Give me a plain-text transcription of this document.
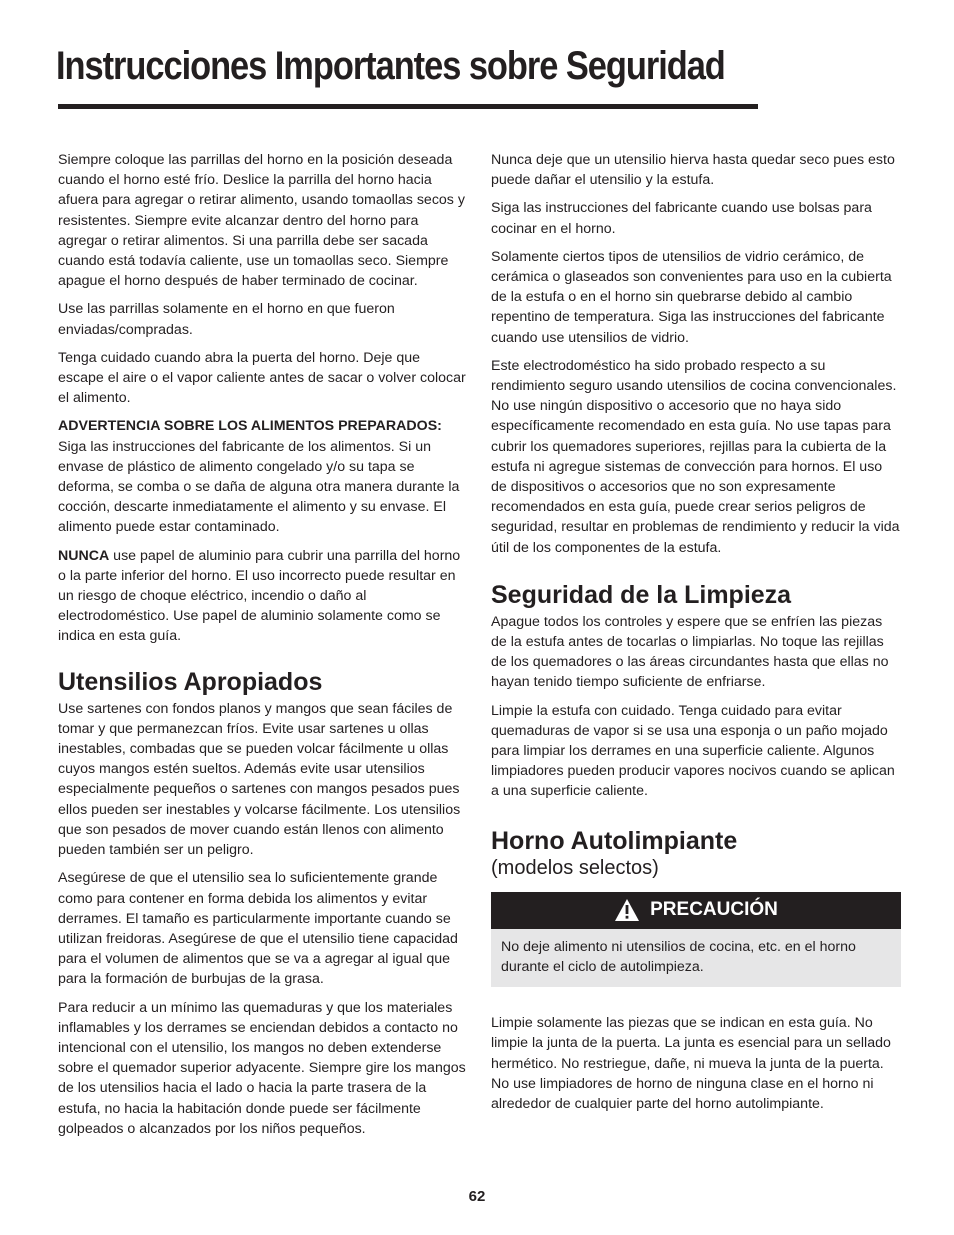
Instrucciones Importantes sobre Seguridad

Siempre coloque las parrillas del horno en la posición deseada cuando el horno esté frío. Deslice la parrilla del horno hacia afuera para agregar o retirar alimento, usando tomaollas secos y resistentes. Siempre evite alcanzar dentro del horno para agregar o retirar alimentos. Si una parrilla debe ser sacada cuando está todavía caliente, use un tomaollas seco. Siempre apague el horno después de haber terminado de cocinar.

Use las parrillas solamente en el horno en que fueron enviadas/compradas.

Tenga cuidado cuando abra la puerta del horno. Deje que escape el aire o el vapor caliente antes de sacar o volver colocar el alimento.

ADVERTENCIA SOBRE LOS ALIMENTOS PREPARADOS:
Siga las instrucciones del fabricante de los alimentos. Si un envase de plástico de alimento congelado y/o su tapa se deforma, se comba o se daña de alguna otra manera durante la cocción, descarte inmediatamente el alimento y su envase. El alimento puede estar contaminado.

NUNCA use papel de aluminio para cubrir una parrilla del horno o la parte inferior del horno. El uso incorrecto puede resultar en un riesgo de choque eléctrico, incendio o daño al electrodoméstico. Use papel de aluminio solamente como se indica en esta guía.

Utensilios Apropiados

Use sartenes con fondos planos y mangos que sean fáciles de tomar y que permanezcan fríos. Evite usar sartenes u ollas inestables, combadas que se pueden volcar fácilmente u ollas cuyos mangos estén sueltos. Además evite usar utensilios especialmente pequeños o sartenes con mangos pesados pues ellos pueden ser inestables y volcarse fácilmente. Los utensilios que son pesados de mover cuando están llenos con alimento pueden también ser un peligro.

Asegúrese de que el utensilio sea lo suficientemente grande como para contener en forma debida los alimentos y evitar derrames. El tamaño es particularmente importante cuando se utilizan freidoras. Asegúrese de que el utensilio tiene capacidad para el volumen de alimentos que se va a agregar al igual que para la formación de burbujas de la grasa.

Para reducir a un mínimo las quemaduras y que los materiales inflamables y los derrames se enciendan debidos a contacto no intencional con el utensilio, los mangos no deben extenderse sobre el quemador superior adyacente. Siempre gire los mangos de los utensilios hacia el lado o hacia la parte trasera de la estufa, no hacia la habitación donde puede ser fácilmente golpeados o alcanzados por los niños pequeños.

Nunca deje que un utensilio hierva hasta quedar seco pues esto puede dañar el utensilio y la estufa.

Siga las instrucciones del fabricante cuando use bolsas para cocinar en el horno.

Solamente ciertos tipos de utensilios de vidrio cerámico, de cerámica o glaseados son convenientes para uso en la cubierta de la estufa o en el horno sin quebrarse debido al cambio repentino de temperatura. Siga las instrucciones del fabricante cuando use utensilios de vidrio.

Este electrodoméstico ha sido probado respecto a su rendimiento seguro usando utensilios de cocina convencionales. No use ningún dispositivo o accesorio que no haya sido específicamente recomendado en esta guía. No use tapas para cubrir los quemadores superiores, rejillas para la cubierta de la estufa ni agregue sistemas de convección para hornos. El uso de dispositivos o accesorios que no son expresamente recomendados en esta guía, puede crear serios peligros de seguridad, resultar en problemas de rendimiento y reducir la vida útil de los componentes de la estufa.

Seguridad de la Limpieza

Apague todos los controles y espere que se enfríen las piezas de la estufa antes de tocarlas o limpiarlas. No toque las rejillas de los quemadores o las áreas circundantes hasta que ellas no hayan tenido tiempo suficiente de enfriarse.

Limpie la estufa con cuidado. Tenga cuidado para evitar quemaduras de vapor si se usa una esponja o un paño mojado para limpiar los derrames en una superficie caliente. Algunos limpiadores pueden producir vapores nocivos cuando se aplican a una superficie caliente.

Horno Autolimpiante

(modelos selectos)

PRECAUCIÓN

No deje alimento ni utensilios de cocina, etc. en el horno durante el ciclo de autolimpieza.

Limpie solamente las piezas que se indican en esta guía. No limpie la junta de la puerta. La junta es esencial para un sellado hermético. No restriegue, dañe, ni mueva la junta de la puerta. No use limpiadores de horno de ninguna clase en el horno ni alrededor de cualquier parte del horno autolimpiante.

62
